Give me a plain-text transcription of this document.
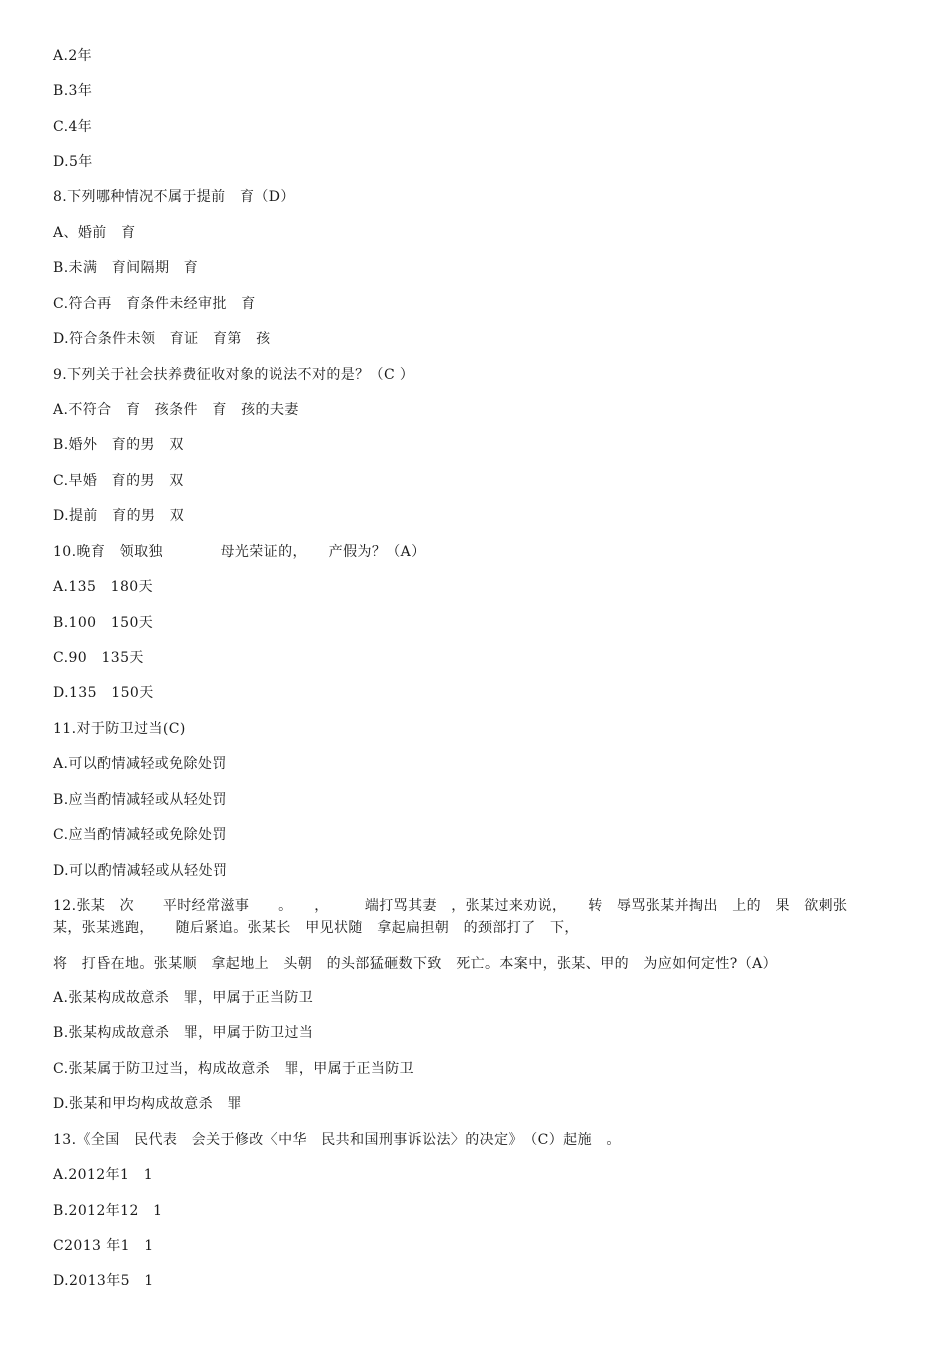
A.2年
B.3年
C.4年
D.5年
8.下列哪种情况不属于提前　育（D）
A、婚前　育
B.未满　育间隔期　育
C.符合再　育条件未经审批　育
D.符合条件未领　育证　育第　孩
9.下列关于社会扶养费征收对象的说法不对的是？（C ）
A.不符合　育　孩条件　育　孩的夫妻
B.婚外　育的男　双
C.早婚　育的男　双
D.提前　育的男　双
10.晚育　领取独　　　　母光荣证的，　　产假为？（A）
A.135　180天
B.100　150天
C.90　135天
D.135　150天
11.对于防卫过当(C)
A.可以酌情减轻或免除处罚
B.应当酌情减轻或从轻处罚
C.应当酌情减轻或免除处罚
D.可以酌情减轻或从轻处罚
12.张某　次　　平时经常滋事　　。　　，　　　端打骂其妻　，张某过来劝说，　　转　辱骂张某并掏出　上的　果　欲刺张
某，张某逃跑，　　随后紧追。张某长　甲见状随　拿起扁担朝　的颈部打了　下，
将　打昏在地。张某顺　拿起地上　头朝　的头部猛砸数下致　死亡。本案中，张某、甲的　为应如何定性?（A）
A.张某构成故意杀　罪，甲属于正当防卫
B.张某构成故意杀　罪，甲属于防卫过当
C.张某属于防卫过当，构成故意杀　罪，甲属于正当防卫
D.张某和甲均构成故意杀　罪
13.《全国　民代表　会关于修改〈中华　民共和国刑事诉讼法〉的决定》　（C）起施　。
A.2012年1　1
B.2012年12　1
C2013 年1　1
D.2013年5　1
